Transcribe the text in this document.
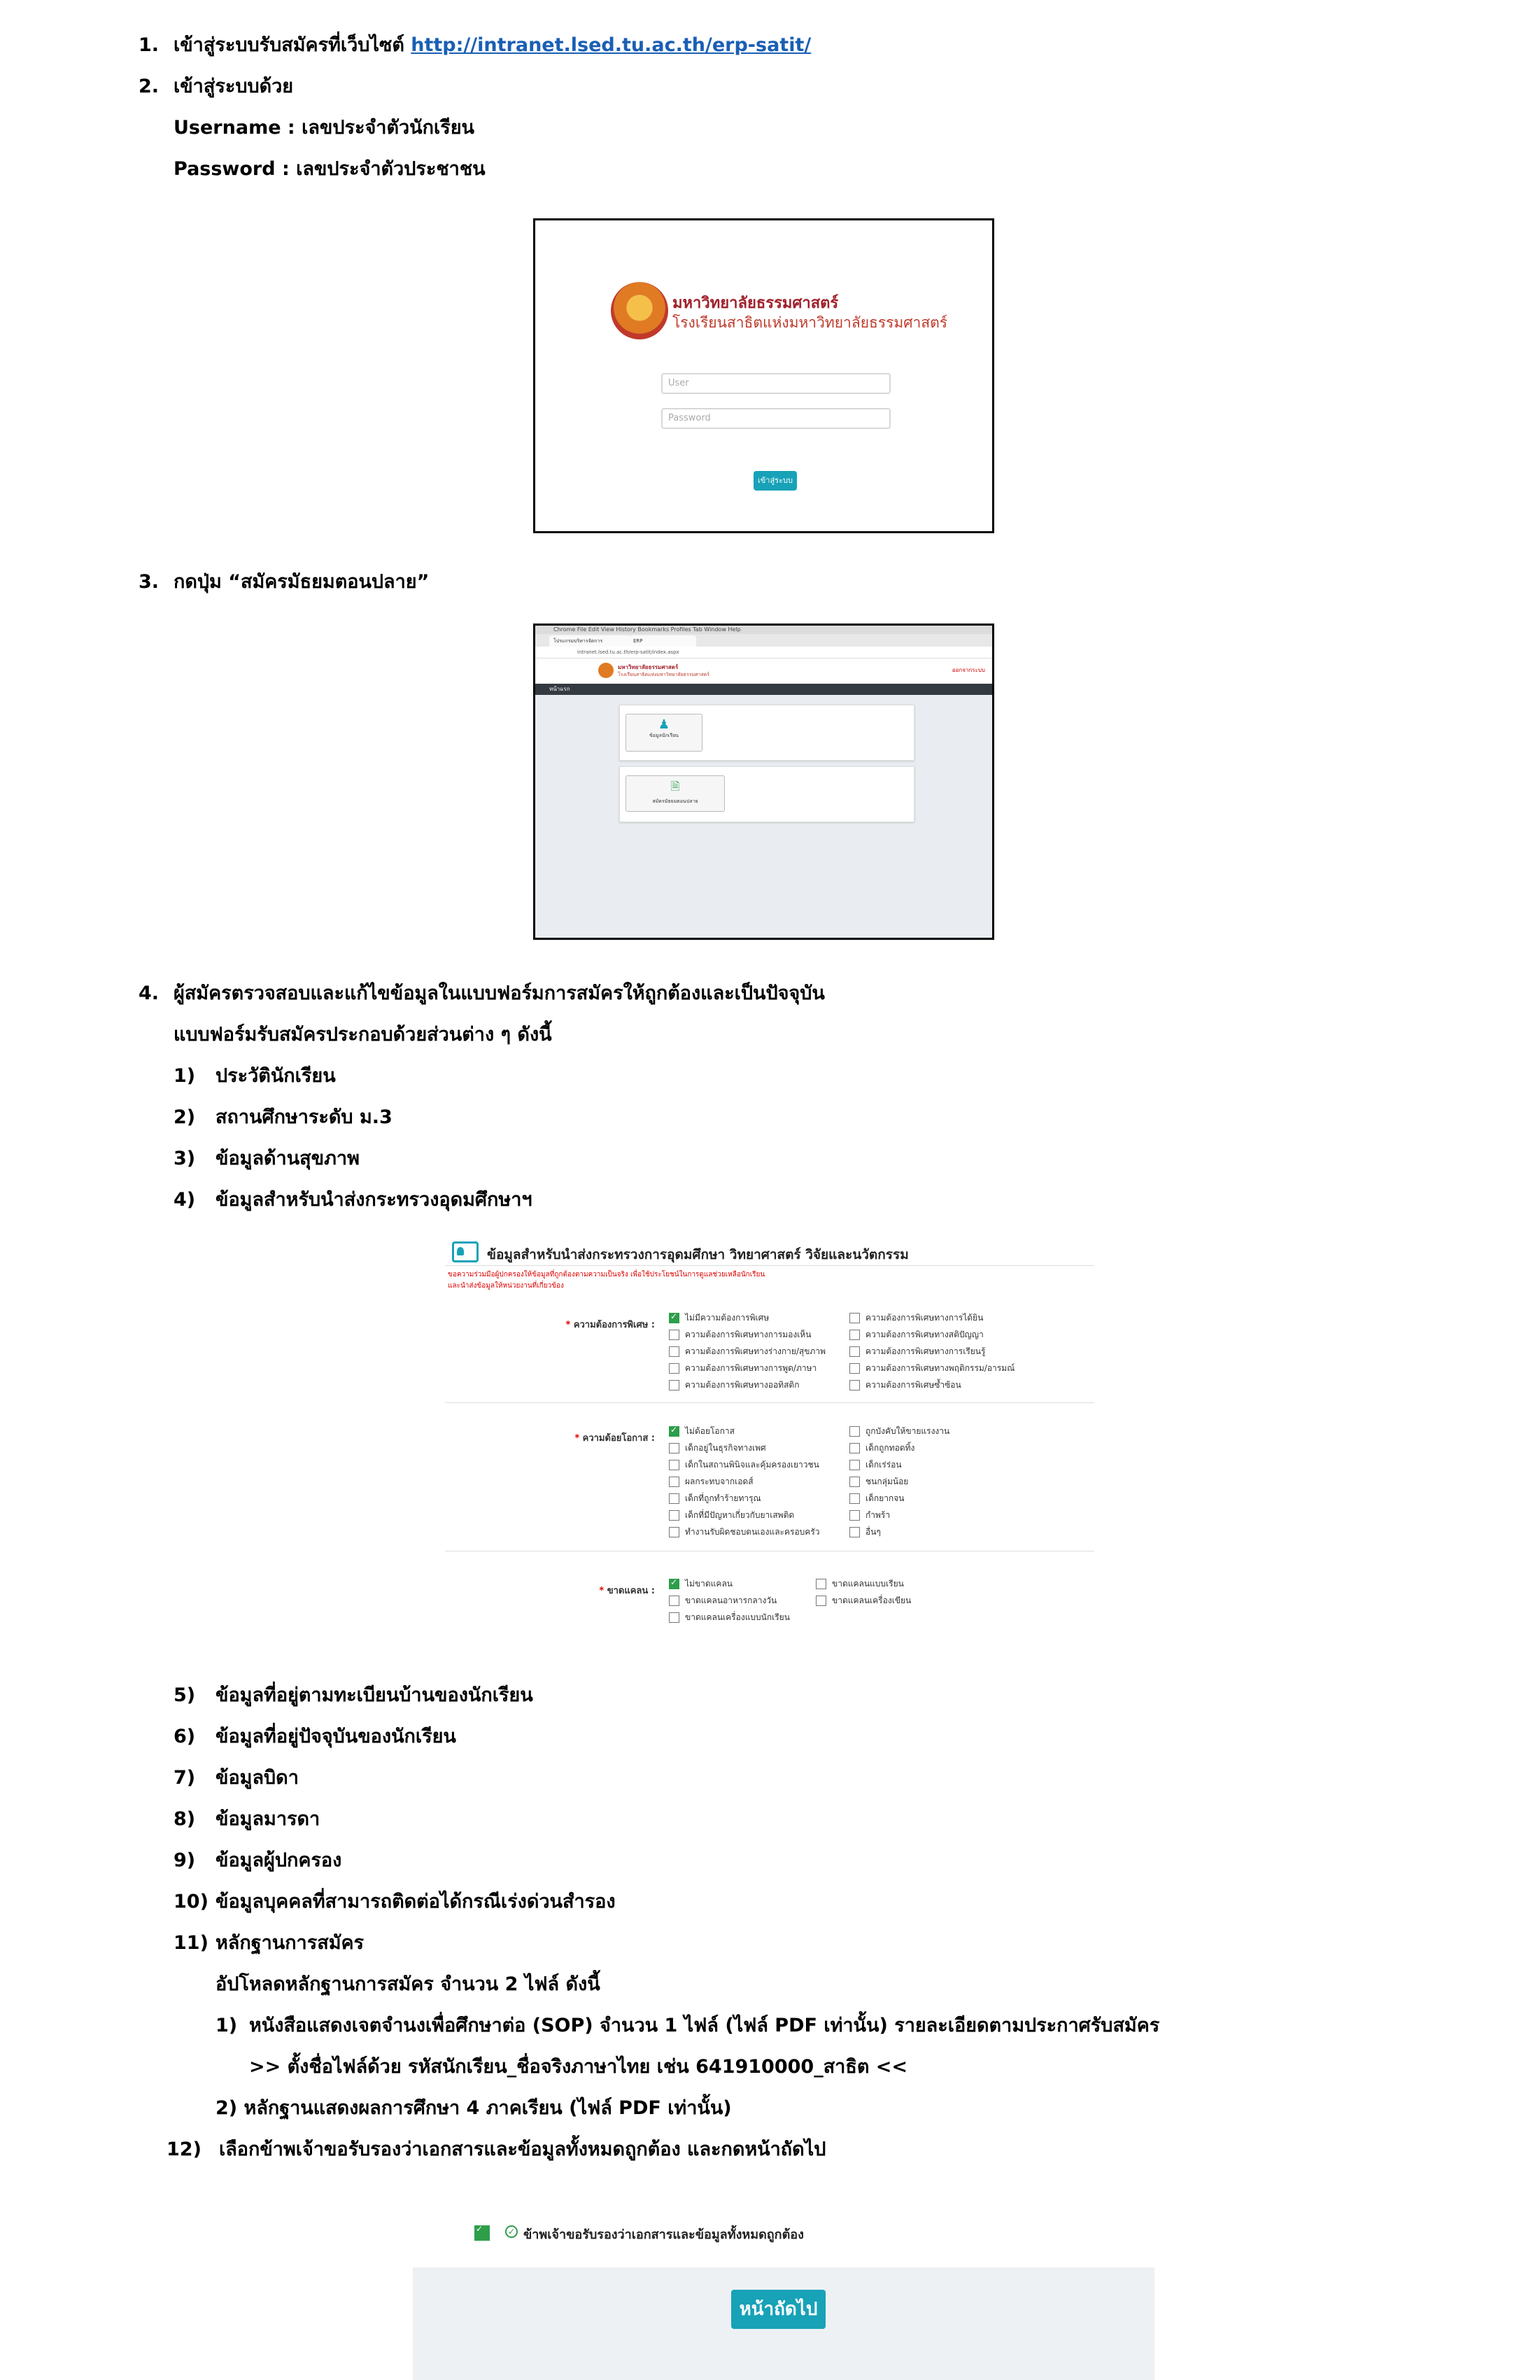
1. เข้าสู่ระบบรับสมัครที่เว็บไซต์ http://intranet.lsed.tu.ac.th/erp-satit/
2. เข้าสู่ระบบด้วย
Username : เลขประจำตัวนักเรียน
Password : เลขประจำตัวประชาชน
มหาวิทยาลัยธรรมศาสตร์
โรงเรียนสาธิตแห่งมหาวิทยาลัยธรรมศาสตร์
User
Password
เข้าสู่ระบบ
3. กดปุ่ม “สมัครมัธยมตอนปลาย”
Chrome File Edit View History Bookmarks Profiles Tab Window Help
โปรแกรมบริหารจัดการ	ERP
intranet.lsed.tu.ac.th/erp-satit/index.aspx
มหาวิทยาลัยธรรมศาสตร์
โรงเรียนสาธิตแห่งมหาวิทยาลัยธรรมศาสตร์
ออกจากระบบ
หน้าแรก
♟
ข้อมูลนักเรียน
🗎
สมัครมัธยมตอนปลาย
4. ผู้สมัครตรวจสอบและแก้ไขข้อมูลในแบบฟอร์มการสมัครให้ถูกต้องและเป็นปัจจุบัน
แบบฟอร์มรับสมัครประกอบด้วยส่วนต่าง ๆ ดังนี้
1) ประวัตินักเรียน
2) สถานศึกษาระดับ ม.3
3) ข้อมูลด้านสุขภาพ
4) ข้อมูลสำหรับนำส่งกระทรวงอุดมศึกษาฯ
ข้อมูลสำหรับนำส่งกระทรวงการอุดมศึกษา วิทยาศาสตร์ วิจัยและนวัตกรรม
ขอความร่วมมือผู้ปกครองให้ข้อมูลที่ถูกต้องตามความเป็นจริง เพื่อใช้ประโยชน์ในการดูแลช่วยเหลือนักเรียน
และนำส่งข้อมูลให้หน่วยงานที่เกี่ยวข้อง
* ความต้องการพิเศษ :
✓
ไม่มีความต้องการพิเศษ
ความต้องการพิเศษทางการมองเห็น
ความต้องการพิเศษทางร่างกาย/สุขภาพ
ความต้องการพิเศษทางการพูด/ภาษา
ความต้องการพิเศษทางออทิสติก
ความต้องการพิเศษทางการได้ยิน
ความต้องการพิเศษทางสติปัญญา
ความต้องการพิเศษทางการเรียนรู้
ความต้องการพิเศษทางพฤติกรรม/อารมณ์
ความต้องการพิเศษซ้ำซ้อน
* ความด้อยโอกาส :
✓
ไม่ด้อยโอกาส
เด็กอยู่ในธุรกิจทางเพศ
เด็กในสถานพินิจและคุ้มครองเยาวชน
ผลกระทบจากเอดส์
เด็กที่ถูกทำร้ายทารุณ
เด็กที่มีปัญหาเกี่ยวกับยาเสพติด
ทำงานรับผิดชอบตนเองและครอบครัว
ถูกบังคับให้ขายแรงงาน
เด็กถูกทอดทิ้ง
เด็กเร่ร่อน
ชนกลุ่มน้อย
เด็กยากจน
กำพร้า
อื่นๆ
* ขาดแคลน :
✓
ไม่ขาดแคลน
ขาดแคลนอาหารกลางวัน
ขาดแคลนเครื่องแบบนักเรียน
ขาดแคลนแบบเรียน
ขาดแคลนเครื่องเขียน
5) ข้อมูลที่อยู่ตามทะเบียนบ้านของนักเรียน
6) ข้อมูลที่อยู่ปัจจุบันของนักเรียน
7) ข้อมูลบิดา
8) ข้อมูลมารดา
9) ข้อมูลผู้ปกครอง
10) ข้อมูลบุคคลที่สามารถติดต่อได้กรณีเร่งด่วนสำรอง
11) หลักฐานการสมัคร
อัปโหลดหลักฐานการสมัคร จำนวน 2 ไฟล์ ดังนี้
1) หนังสือแสดงเจตจำนงเพื่อศึกษาต่อ (SOP) จำนวน 1 ไฟล์ (ไฟล์ PDF เท่านั้น) รายละเอียดตามประกาศรับสมัคร
>> ตั้งชื่อไฟล์ด้วย รหัสนักเรียน_ชื่อจริงภาษาไทย เช่น 641910000_สาธิต <<
2) หลักฐานแสดงผลการศึกษา 4 ภาคเรียน (ไฟล์ PDF เท่านั้น)
12) เลือกข้าพเจ้าขอรับรองว่าเอกสารและข้อมูลทั้งหมดถูกต้อง และกดหน้าถัดไป
✓
✓ ข้าพเจ้าขอรับรองว่าเอกสารและข้อมูลทั้งหมดถูกต้อง
หน้าถัดไป
